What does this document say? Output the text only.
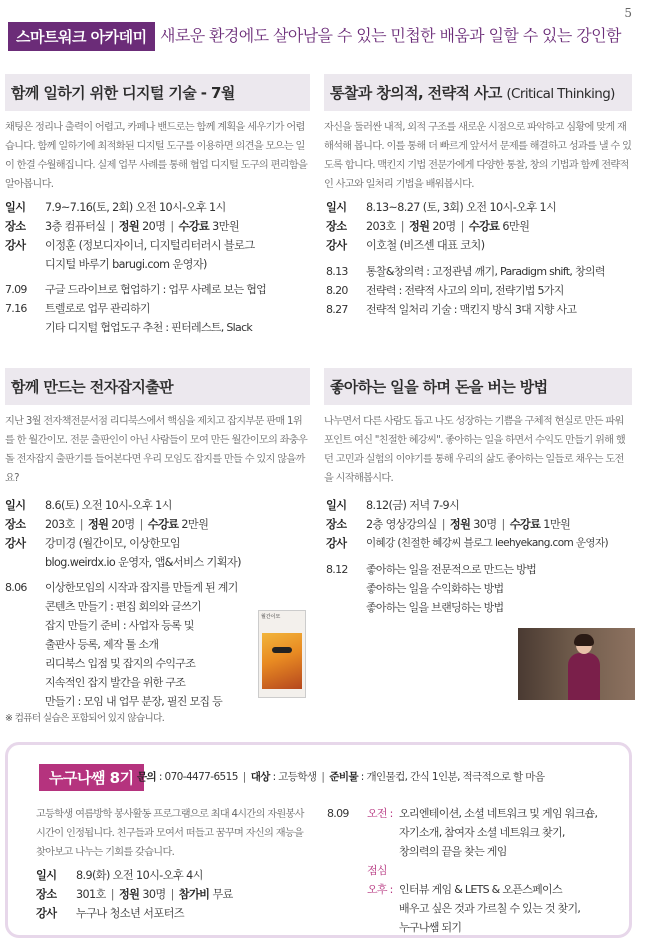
5
스마트워크 아카데미 새로운 환경에도 살아남을 수 있는 민첩한 배움과 일할 수 있는 강인함
함께 일하기 위한 디지털 기술 - 7월
채팅은 정리나 출력이 어렵고, 카페나 밴드로는 함께 계획을 세우기가 어렵습니다. 함께 일하기에 최적화된 디지털 도구를 이용하면 의견을 모으는 일이 한결 수월해집니다. 실제 업무 사례를 통해 협업 디지털 도구의 편리함을 알아봅니다.
일시	7.9~7.16(토, 2회) 오전 10시-오후 1시
장소	3층 컴퓨터실 | 정원 20명 | 수강료 3만원
강사	이정훈 (정보디자이너, 디지털리터러시 블로그
디지털 바루기 barugi.com 운영자)
7.09	구글 드라이브로 협업하기 : 업무 사례로 보는 협업
7.16	트렐로로 업무 관리하기
기타 디지털 협업도구 추천 : 핀터레스트, Slack
통찰과 창의적, 전략적 사고 (Critical Thinking)
자신을 둘러싼 내적, 외적 구조를 새로운 시점으로 파악하고 심황에 맞게 재해석해 봅니다. 이를 통해 더 빠르게 앞서서 문제를 해결하고 성과를 낼 수 있도록 합니다. 맥킨지 기법 전문가에게 다양한 통찰, 창의 기법과 함께 전략적인 사고와 일처리 기법을 배워봅시다.
일시	8.13~8.27 (토, 3회) 오전 10시-오후 1시
장소	203호 | 정원 20명 | 수강료 6만원
강사	이호철 (비즈센 대표 코치)
8.13	통찰&창의력 : 고정관념 깨기, Paradigm shift, 창의력
8.20	전략력 : 전략적 사고의 의미, 전략기법 5가지
8.27	전략적 일처리 기술 : 맥킨지 방식 3대 지향 사고
함께 만드는 전자잡지출판
지난 3월 전자책전문서점 리디북스에서 핵심을 제치고 잡지부문 판매 1위를 한 월간이모. 전문 출판인이 아닌 사람들이 모여 만든 월간이모의 좌충우돌 전자잡지 출판기를 들어본다면 우리 모임도 잡지를 만들 수 있지 않을까요?
일시	8.6(토) 오전 10시-오후 1시
장소	203호 | 정원 20명 | 수강료 2만원
강사	강미경 (월간이모, 이상한모임
blog.weirdx.io 운영자, 앱&서비스 기획자)
8.06	이상한모임의 시작과 잡지를 만들게 된 계기
콘텐츠 만들기 : 편집 회의와 글쓰기
잡지 만들기 준비 : 사업자 등록 및
출판사 등록, 제작 툴 소개
리디북스 입점 및 잡지의 수익구조
지속적인 잡지 발간을 위한 구조
만들기 : 모임 내 업무 분장, 필진 모집 등
※ 컴퓨터 실습은 포함되어 있지 않습니다.
월간이모
좋아하는 일을 하며 돈을 버는 방법
나누면서 다른 사람도 돕고 나도 성장하는 기쁨을 구체적 현실로 만든 파워포인트 여신 "친절한 혜강씨". 좋아하는 일을 하면서 수익도 만들기 위해 했던 고민과 실험의 이야기를 통해 우리의 삶도 좋아하는 일들로 채우는 도전을 시작해봅시다.
일시	8.12(금) 저녁 7-9시
장소	2층 영상강의실 | 정원 30명 | 수강료 1만원
강사	이혜강 (친절한 혜강씨 블로그 leehyekang.com 운영자)
8.12	좋아하는 일을 전문적으로 만드는 방법
좋아하는 일을 수익화하는 방법
좋아하는 일을 브랜딩하는 방법
누구나쌤 8기 문의 : 070-4477-6515 | 대상 : 고등학생 | 준비물 : 개인물컵, 간식 1인분, 적극적으로 할 마음
고등학생 여름방학 봉사활동 프로그램으로 최대 4시간의 자원봉사시간이 인정됩니다. 친구들과 모여서 떠들고 꿈꾸며 자신의 재능을 찾아보고 나누는 기회를 갖습니다.
일시	8.9(화) 오전 10시-오후 4시
장소	301호 | 정원 30명 | 참가비 무료
강사	누구나 청소년 서포터즈
8.09	오전 : 오리엔테이션, 소셜 네트워크 및 게임 워크숍,
자기소개, 참여자 소셜 네트워크 찾기,
창의력의 끝을 찾는 게임
점심
오후 : 인터뷰 게임 & LETS & 오픈스페이스
배우고 싶은 것과 가르칠 수 있는 것 찾기,
누구나쌤 되기
